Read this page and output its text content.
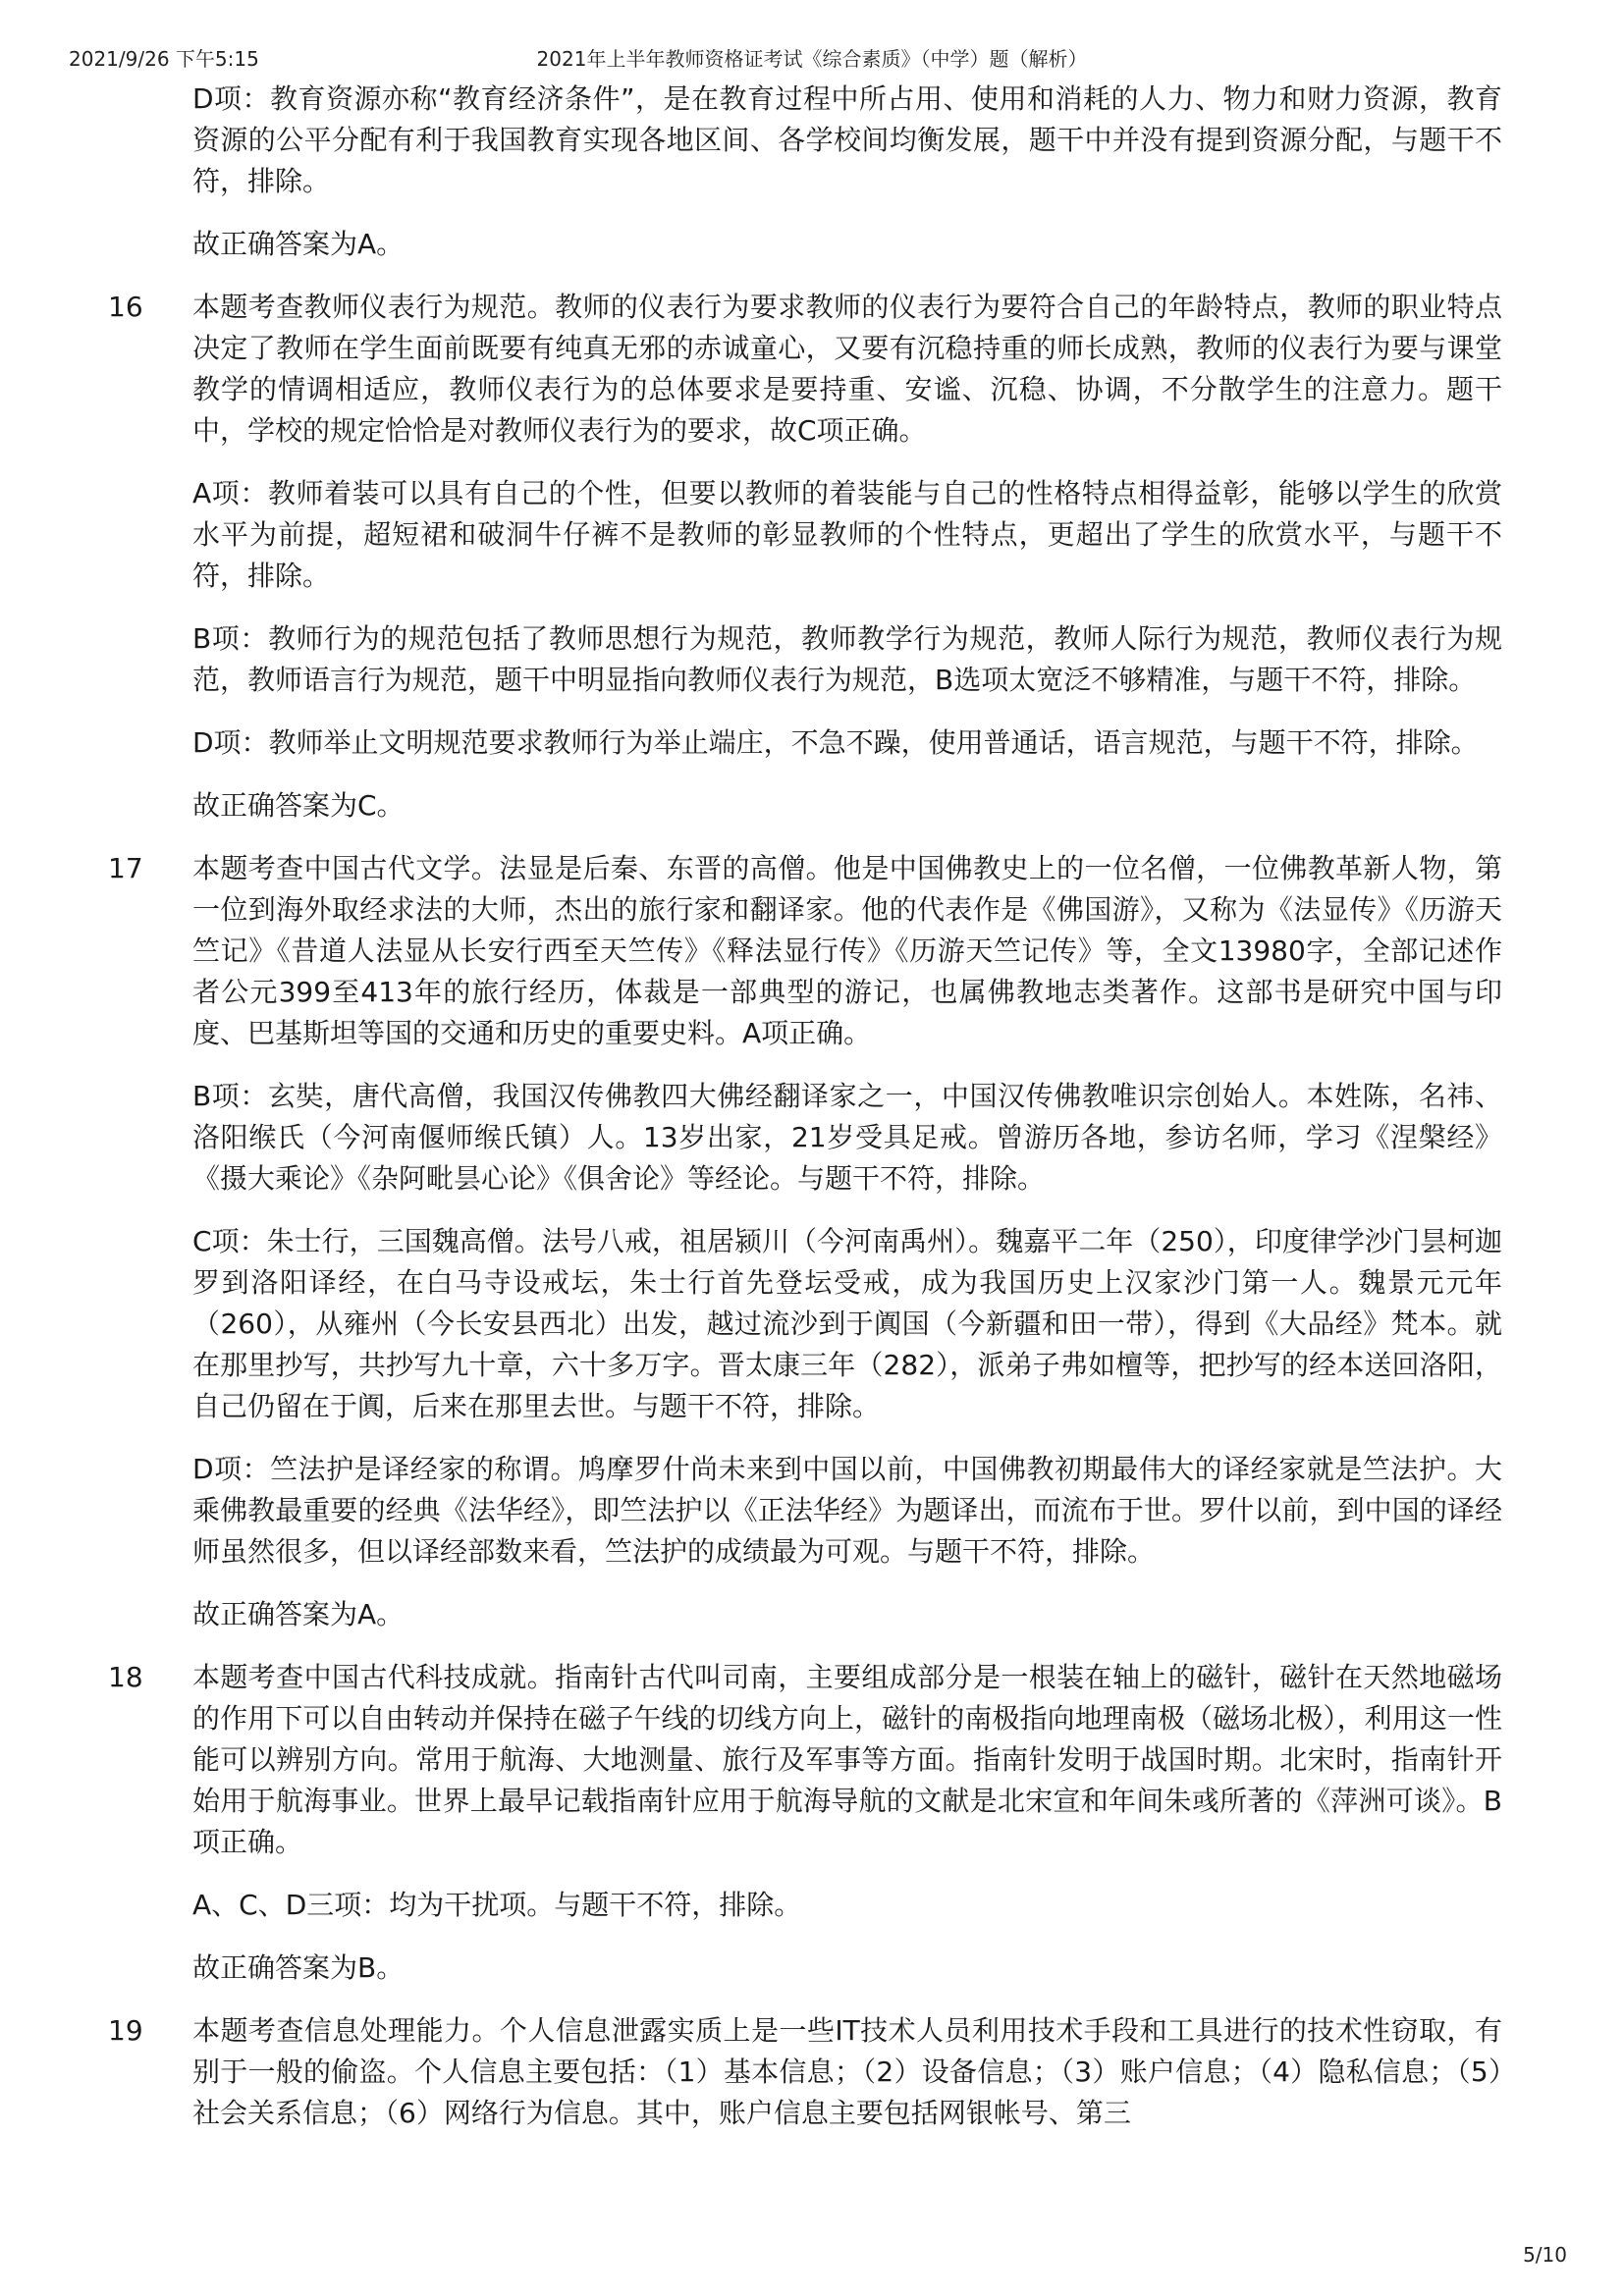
2021年上半年教师资格证考试《综合素质》（中学）题（解析）
2021/9/26 下午5:15

D项：教育资源亦称“教育经济条件”，是在教育过程中所占用、使用和消耗的人力、物力和财力资源，教育资源的公平分配有利于我国教育实现各地区间、各学校间均衡发展，题干中并没有提到资源分配，与题干不符，排除。

故正确答案为A。

16	本题考查教师仪表行为规范。教师的仪表行为要求教师的仪表行为要符合自己的年龄特点，教师的职业特点决定了教师在学生面前既要有纯真无邪的赤诚童心，又要有沉稳持重的师长成熟，教师的仪表行为要与课堂教学的情调相适应，教师仪表行为的总体要求是要持重、安谧、沉稳、协调，不分散学生的注意力。题干中，学校的规定恰恰是对教师仪表行为的要求，故C项正确。

A项：教师着装可以具有自己的个性，但要以教师的着装能与自己的性格特点相得益彰，能够以学生的欣赏水平为前提，超短裙和破洞牛仔裤不是教师的彰显教师的个性特点，更超出了学生的欣赏水平，与题干不符，排除。

B项：教师行为的规范包括了教师思想行为规范，教师教学行为规范，教师人际行为规范，教师仪表行为规范，教师语言行为规范，题干中明显指向教师仪表行为规范，B选项太宽泛不够精准，与题干不符，排除。

D项：教师举止文明规范要求教师行为举止端庄，不急不躁，使用普通话，语言规范，与题干不符，排除。

故正确答案为C。

17	本题考查中国古代文学。法显是后秦、东晋的高僧。他是中国佛教史上的一位名僧，一位佛教革新人物，第一位到海外取经求法的大师，杰出的旅行家和翻译家。他的代表作是《佛国游》，又称为《法显传》《历游天竺记》《昔道人法显从长安行西至天竺传》《释法显行传》《历游天竺记传》等，全文13980字，全部记述作者公元399至413年的旅行经历，体裁是一部典型的游记，也属佛教地志类著作。这部书是研究中国与印度、巴基斯坦等国的交通和历史的重要史料。A项正确。

B项：玄奘，唐代高僧，我国汉传佛教四大佛经翻译家之一，中国汉传佛教唯识宗创始人。本姓陈，名祎、洛阳缑氏（今河南偃师缑氏镇）人。13岁出家，21岁受具足戒。曾游历各地，参访名师，学习《涅槃经》《摄大乘论》《杂阿毗昙心论》《俱舍论》等经论。与题干不符，排除。

C项：朱士行，三国魏高僧。法号八戒，祖居颍川（今河南禹州）。魏嘉平二年（250），印度律学沙门昙柯迦罗到洛阳译经，在白马寺设戒坛，朱士行首先登坛受戒，成为我国历史上汉家沙门第一人。魏景元元年（260），从雍州（今长安县西北）出发，越过流沙到于阗国（今新疆和田一带），得到《大品经》梵本。就在那里抄写，共抄写九十章，六十多万字。晋太康三年（282），派弟子弗如檀等，把抄写的经本送回洛阳，自己仍留在于阗，后来在那里去世。与题干不符，排除。

D项：竺法护是译经家的称谓。鸠摩罗什尚未来到中国以前，中国佛教初期最伟大的译经家就是竺法护。大乘佛教最重要的经典《法华经》，即竺法护以《正法华经》为题译出，而流布于世。罗什以前，到中国的译经师虽然很多，但以译经部数来看，竺法护的成绩最为可观。与题干不符，排除。

故正确答案为A。

18	本题考查中国古代科技成就。指南针古代叫司南，主要组成部分是一根装在轴上的磁针，磁针在天然地磁场的作用下可以自由转动并保持在磁子午线的切线方向上，磁针的南极指向地理南极（磁场北极），利用这一性能可以辨别方向。常用于航海、大地测量、旅行及军事等方面。指南针发明于战国时期。北宋时，指南针开始用于航海事业。世界上最早记载指南针应用于航海导航的文献是北宋宣和年间朱彧所著的《萍洲可谈》。B项正确。

A、C、D三项：均为干扰项。与题干不符，排除。

故正确答案为B。

19	本题考查信息处理能力。个人信息泄露实质上是一些IT技术人员利用技术手段和工具进行的技术性窃取，有别于一般的偷盗。个人信息主要包括：（1）基本信息；（2）设备信息；（3）账户信息；（4）隐私信息；（5）社会关系信息；（6）网络行为信息。其中，账户信息主要包括网银帐号、第三

5/10
